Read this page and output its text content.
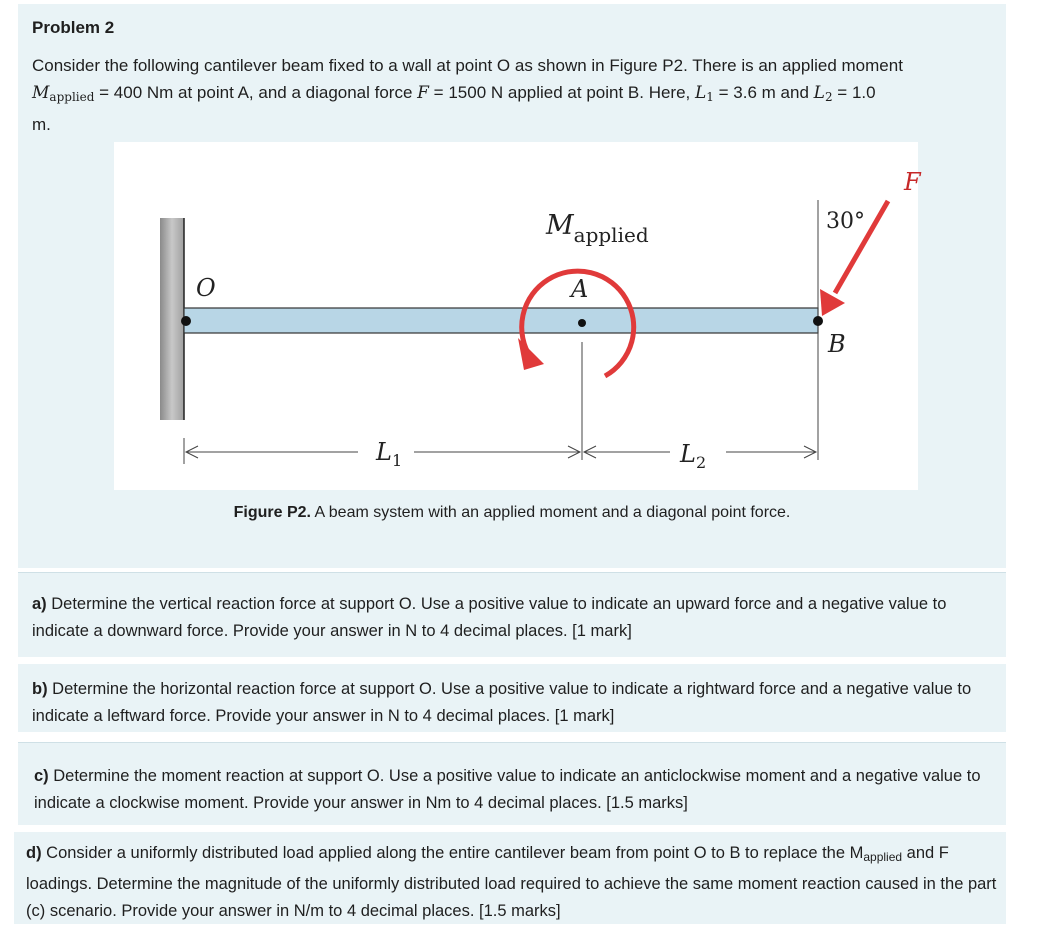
Problem 2
Consider the following cantilever beam fixed to a wall at point O as shown in Figure P2. There is an applied moment
$M_{applied} = 400$ Nm at point A, and a diagonal force F = 1500 N applied at point B. Here, $L_1 = 3.6$ m and $L_2 = 1.0$
m.
O	A
$M_{applied}$
B
30°
F
$L_1$	$L_2$
Figure P2. A beam system with an applied moment and a diagonal point force.
a) Determine the vertical reaction force at support O. Use a positive value to indicate an upward force and a negative value to indicate a downward force. Provide your answer in N to 4 decimal places. [1 mark]
b) Determine the horizontal reaction force at support O. Use a positive value to indicate a rightward force and a negative value to indicate a leftward force. Provide your answer in N to 4 decimal places. [1 mark]
c) Determine the moment reaction at support O. Use a positive value to indicate an anticlockwise moment and a negative value to indicate a clockwise moment. Provide your answer in Nm to 4 decimal places. [1.5 marks]
d) Consider a uniformly distributed load applied along the entire cantilever beam from point O to B to replace the Mapplied and F loadings. Determine the magnitude of the uniformly distributed load required to achieve the same moment reaction caused in the part (c) scenario. Provide your answer in N/m to 4 decimal places. [1.5 marks]
